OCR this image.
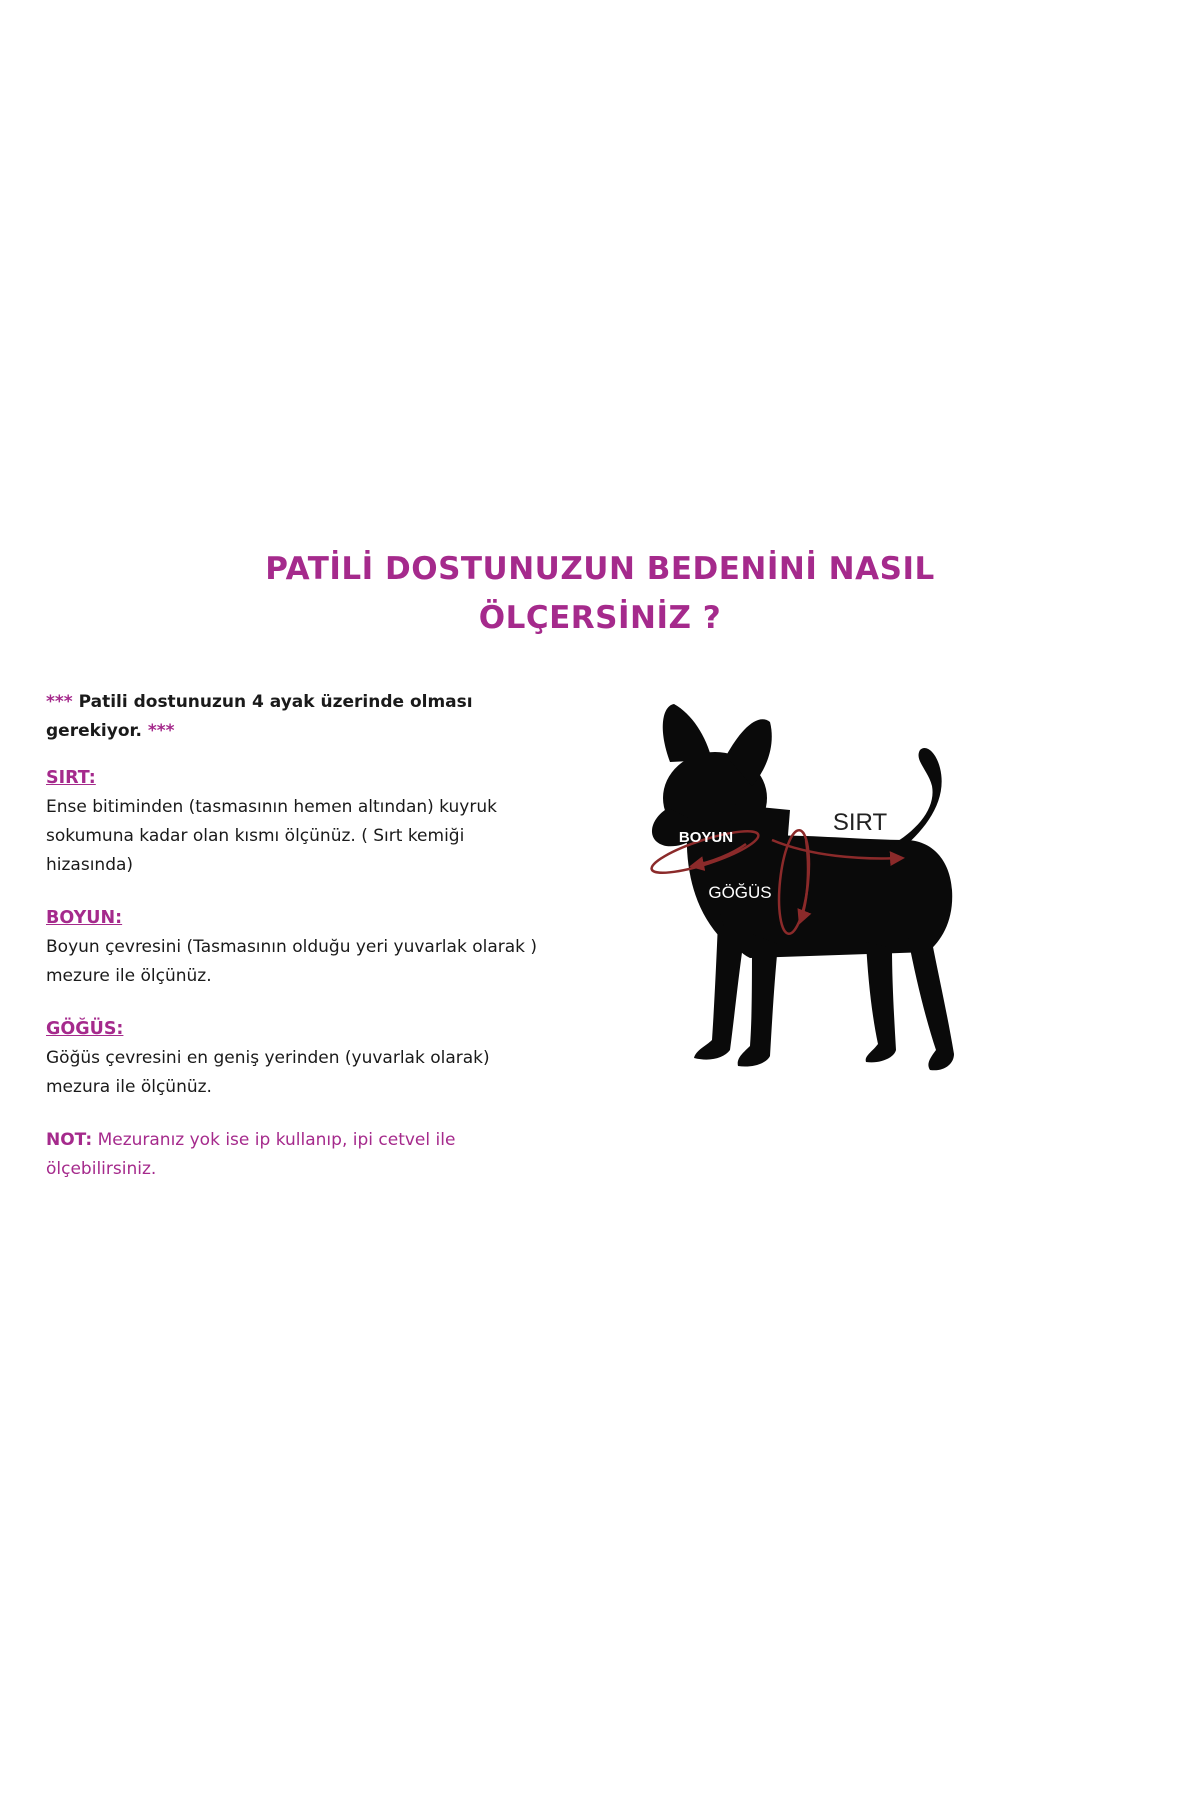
PATİLİ DOSTUNUZUN BEDENİNİ NASIL
ÖLÇERSİNİZ ?
*** Patili dostunuzun 4 ayak üzerinde olması gerekiyor. ***
SIRT:
Ense bitiminden (tasmasının hemen altından) kuyruk sokumuna kadar olan kısmı ölçünüz. ( Sırt kemiği hizasında)
BOYUN:
Boyun çevresini (Tasmasının olduğu yeri yuvarlak olarak ) mezure ile ölçünüz.
GÖĞÜS:
Göğüs çevresini en geniş yerinden (yuvarlak olarak) mezura ile ölçünüz.
NOT: Mezuranız yok ise ip kullanıp, ipi cetvel ile ölçebilirsiniz.
BOYUN
SIRT
GÖĞÜS
